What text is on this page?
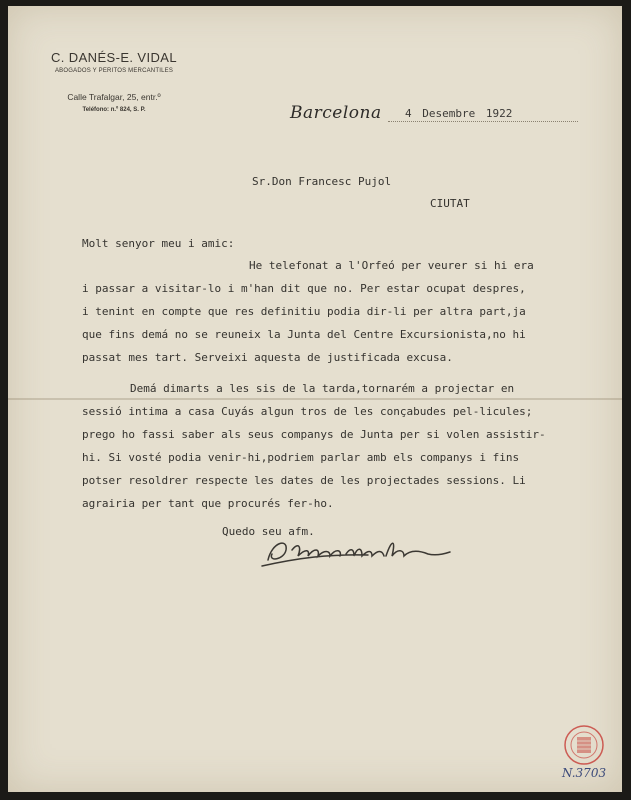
C. DANÉS-E. VIDAL
ABOGADOS Y PERITOS MERCANTILES
Calle Trafalgar, 25, entr.º
Teléfono: n.º 824, S. P.	Barcelona 4 Desembre 1922
Sr.Don Francesc Pujol
CIUTAT
Molt senyor meu i amic:
He telefonat a l'Orfeó per veurer si hi era
i passar a visitar-lo i m'han dit que no. Per estar ocupat despres,
i tenint en compte que res definitiu podia dir-li per altra part,ja
que fins demá no se reuneix la Junta del Centre Excursionista,no hi
passat mes tart. Serveixi aquesta de justificada excusa.
Demá dimarts a les sis de la tarda,tornarém a projectar en
sessió intima a casa Cuyás algun tros de les conçabudes pel-licules;
prego ho fassi saber als seus companys de Junta per si volen assistir-
hi. Si vosté podia venir-hi,podriem parlar amb els companys i fins
potser resoldrer respecte les dates de les projectades sessions. Li
agrairia per tant que procurés fer-ho.
Quedo seu afm.
N.3703
